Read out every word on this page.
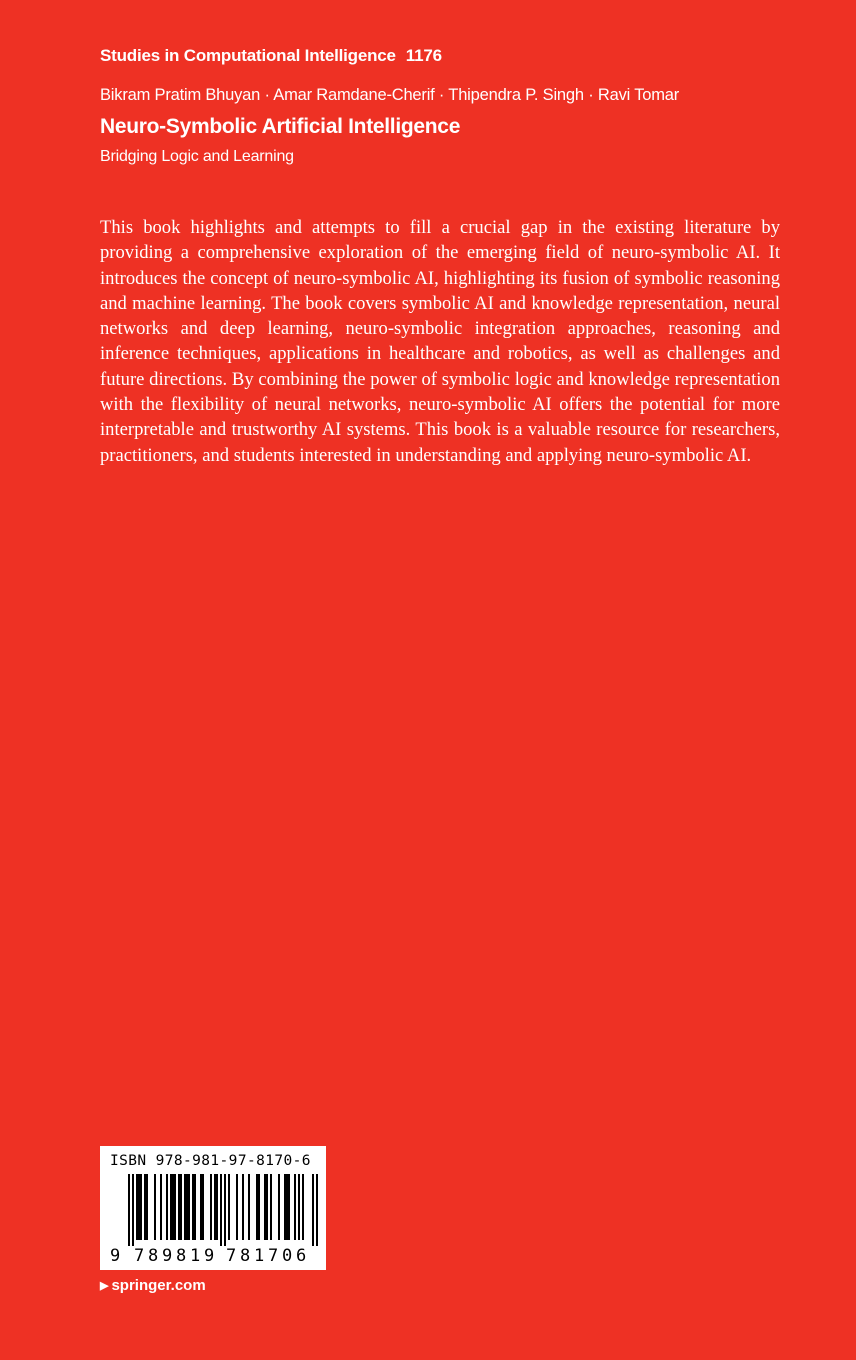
Studies in Computational Intelligence 1176
Bikram Pratim Bhuyan · Amar Ramdane-Cherif · Thipendra P. Singh · Ravi Tomar
Neuro-Symbolic Artificial Intelligence
Bridging Logic and Learning

This book highlights and attempts to fill a crucial gap in the existing literature by providing a comprehensive exploration of the emerging field of neuro-symbolic AI. It introduces the concept of neuro-symbolic AI, highlighting its fusion of symbolic reasoning and machine learning. The book covers symbolic AI and knowledge representation, neural networks and deep learning, neuro-symbolic integration approaches, reasoning and inference techniques, applications in healthcare and robotics, as well as challenges and future directions. By combining the power of symbolic logic and knowledge representation with the flexibility of neural networks, neuro-symbolic AI offers the potential for more interpretable and trustworthy AI systems. This book is a valuable resource for researchers, practitioners, and students interested in understanding and applying neuro-symbolic AI.

ISBN 978-981-97-8170-6
9 7 8 9 8 1 9 7 8 1 7 0 6
▶ springer.com
